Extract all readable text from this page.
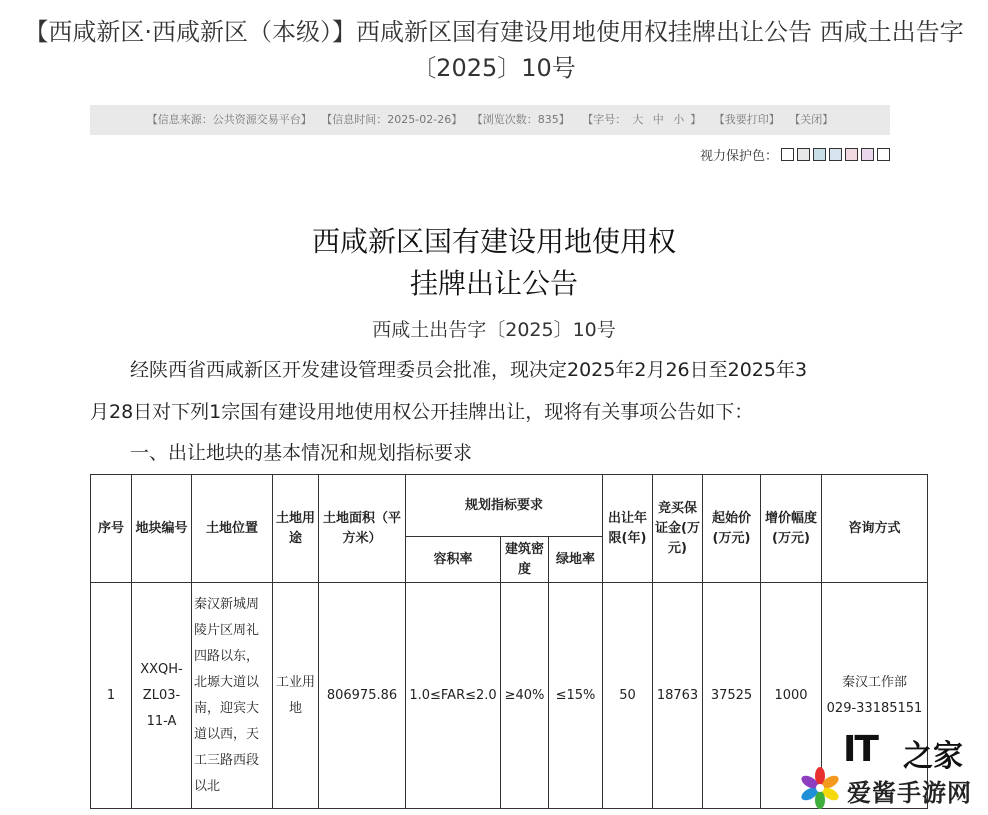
【西咸新区·西咸新区（本级）】西咸新区国有建设用地使用权挂牌出让公告 西咸土出告字
〔2025〕10号
【信息来源：公共资源交易平台】 【信息时间：2025-02-26】 【浏览次数：835】 【字号： 大 中 小 】 【我要打印】 【关闭】
视力保护色：
西咸新区国有建设用地使用权
挂牌出让公告
西咸土出告字〔2025〕10号
经陕西省西咸新区开发建设管理委员会批准，现决定2025年2月26日至2025年3
月28日对下列1宗国有建设用地使用权公开挂牌出让，现将有关事项公告如下：
一、出让地块的基本情况和规划指标要求
序号	地块编号	土地位置	土地用途	土地面积（平方米）	规划指标要求			出让年限(年)	竞买保证金(万元)	起始价(万元)	增价幅度(万元)	咨询方式
					容积率	建筑密度	绿地率					
1	XXQH-ZL03-11-A	秦汉新城周陵片区周礼四路以东，北塬大道以南，迎宾大道以西，天工三路西段以北	工业用地	806975.86	1.0≤FAR≤2.0	≥40%	≤15%	50	18763	37525	1000	秦汉工作部
029-33185151
IT 之家
爱酱手游网
